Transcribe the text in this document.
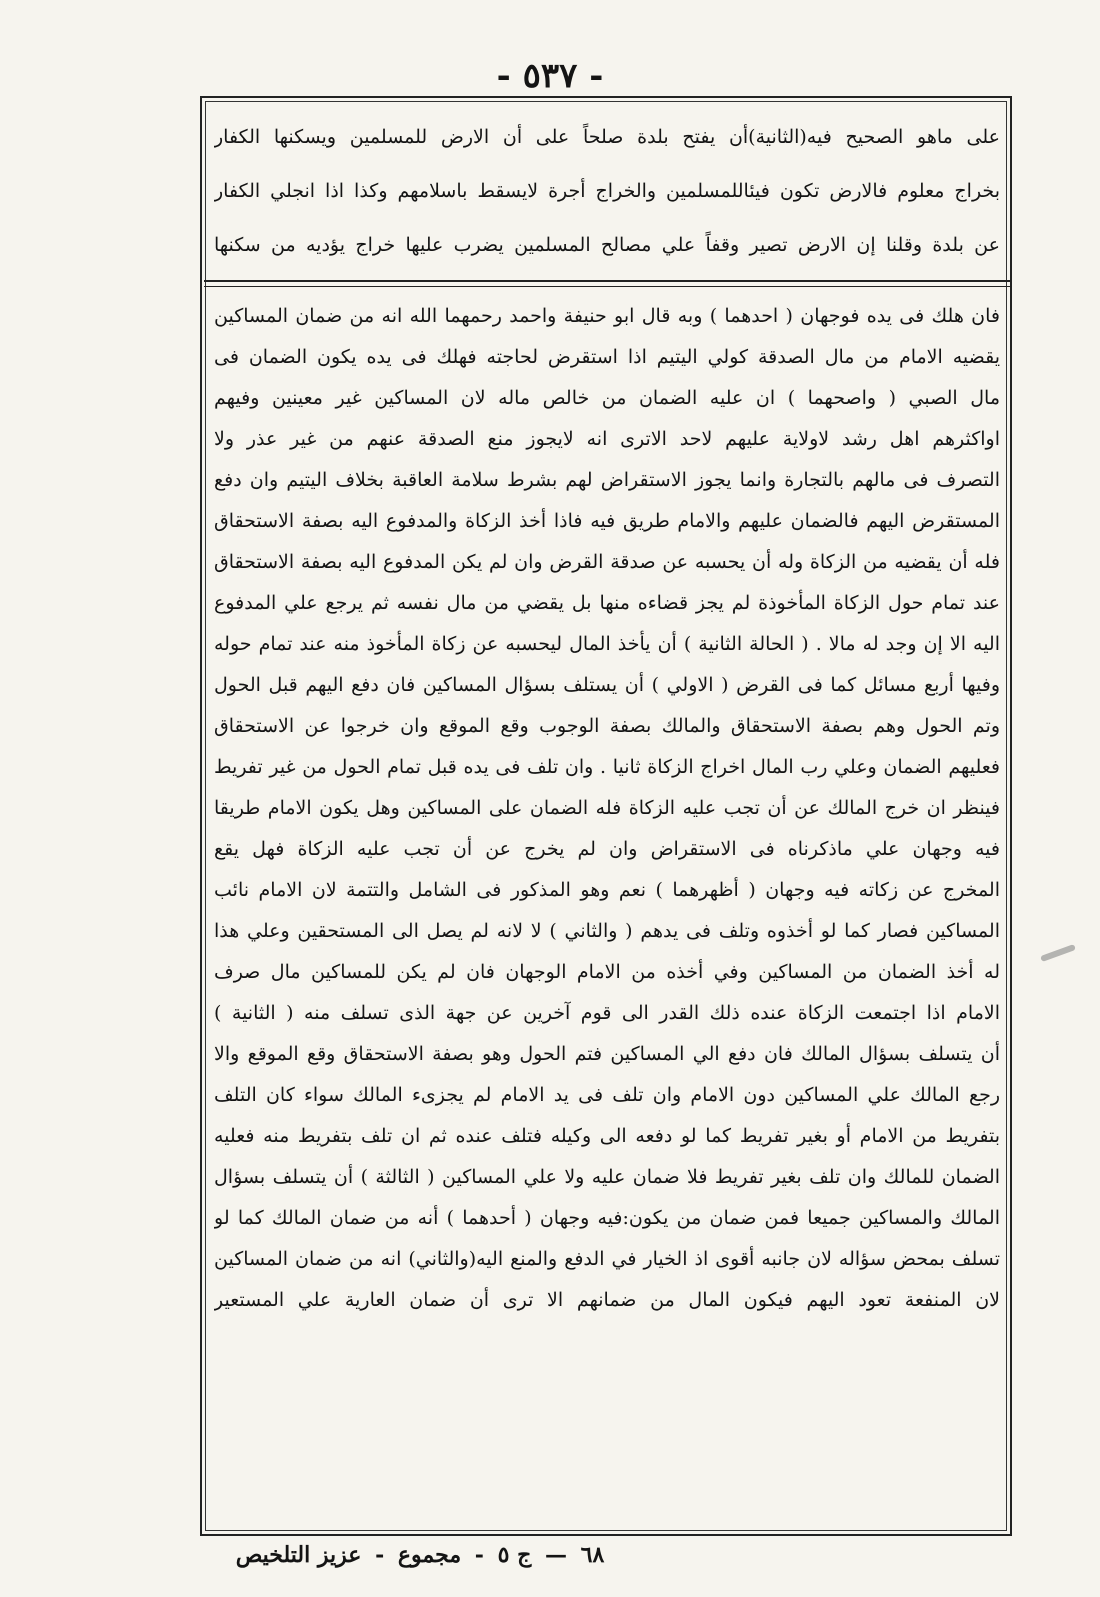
- ٥٣٧ -
على ماهو الصحيح فيه(الثانية)أن يفتح بلدة صلحاً على أن الارض للمسلمين ويسكنها الكفار
بخراج معلوم فالارض تكون فيئاللمسلمين والخراج أجرة لايسقط باسلامهم وكذا اذا انجلي الكفار
عن بلدة وقلنا إن الارض تصير وقفاً علي مصالح المسلمين يضرب عليها خراج يؤديه من سكنها
فان هلك فى يده فوجهان ( احدهما ) وبه قال ابو حنيفة واحمد رحمهما الله انه من ضمان المساكين
يقضيه الامام من مال الصدقة كولي اليتيم اذا استقرض لحاجته فهلك فى يده يكون الضمان فى
مال الصبي ( واصحهما ) ان عليه الضمان من خالص ماله لان المساكين غير معينين وفيهم
اواكثرهم اهل رشد لاولاية عليهم لاحد الاترى انه لايجوز منع الصدقة عنهم من غير عذر ولا
التصرف فى مالهم بالتجارة وانما يجوز الاستقراض لهم بشرط سلامة العاقبة بخلاف اليتيم وان دفع
المستقرض اليهم فالضمان عليهم والامام طريق فيه فاذا أخذ الزكاة والمدفوع اليه بصفة الاستحقاق
فله أن يقضيه من الزكاة وله أن يحسبه عن صدقة القرض وان لم يكن المدفوع اليه بصفة الاستحقاق
عند تمام حول الزكاة المأخوذة لم يجز قضاءه منها بل يقضي من مال نفسه ثم يرجع علي المدفوع
اليه الا إن وجد له مالا . ( الحالة الثانية ) أن يأخذ المال ليحسبه عن زكاة المأخوذ منه عند تمام حوله
وفيها أربع مسائل كما فى القرض ( الاولي ) أن يستلف بسؤال المساكين فان دفع اليهم قبل الحول
وتم الحول وهم بصفة الاستحقاق والمالك بصفة الوجوب وقع الموقع وان خرجوا عن الاستحقاق
فعليهم الضمان وعلي رب المال اخراج الزكاة ثانيا . وان تلف فى يده قبل تمام الحول من غير تفريط
فينظر ان خرج المالك عن أن تجب عليه الزكاة فله الضمان على المساكين وهل يكون الامام طريقا
فيه وجهان علي ماذكرناه فى الاستقراض وان لم يخرج عن أن تجب عليه الزكاة فهل يقع
المخرج عن زكاته فيه وجهان ( أظهرهما ) نعم وهو المذكور فى الشامل والتتمة لان الامام نائب
المساكين فصار كما لو أخذوه وتلف فى يدهم ( والثاني ) لا لانه لم يصل الى المستحقين وعلي هذا
له أخذ الضمان من المساكين وفي أخذه من الامام الوجهان فان لم يكن للمساكين مال صرف
الامام اذا اجتمعت الزكاة عنده ذلك القدر الى قوم آخرين عن جهة الذى تسلف منه ( الثانية )
أن يتسلف بسؤال المالك فان دفع الي المساكين فتم الحول وهو بصفة الاستحقاق وقع الموقع والا
رجع المالك علي المساكين دون الامام وان تلف فى يد الامام لم يجزىء المالك سواء كان التلف
بتفريط من الامام أو بغير تفريط كما لو دفعه الى وكيله فتلف عنده ثم ان تلف بتفريط منه فعليه
الضمان للمالك وان تلف بغير تفريط فلا ضمان عليه ولا علي المساكين ( الثالثة ) أن يتسلف بسؤال
المالك والمساكين جميعا فمن ضمان من يكون:فيه وجهان ( أحدهما ) أنه من ضمان المالك كما لو
تسلف بمحض سؤاله لان جانبه أقوى اذ الخيار في الدفع والمنع اليه(والثاني) انه من ضمان المساكين
لان المنفعة تعود اليهم فيكون المال من ضمانهم الا ترى أن ضمان العارية علي المستعير
٦٨ — ج ٥ - مجموع - عزيز التلخيص
